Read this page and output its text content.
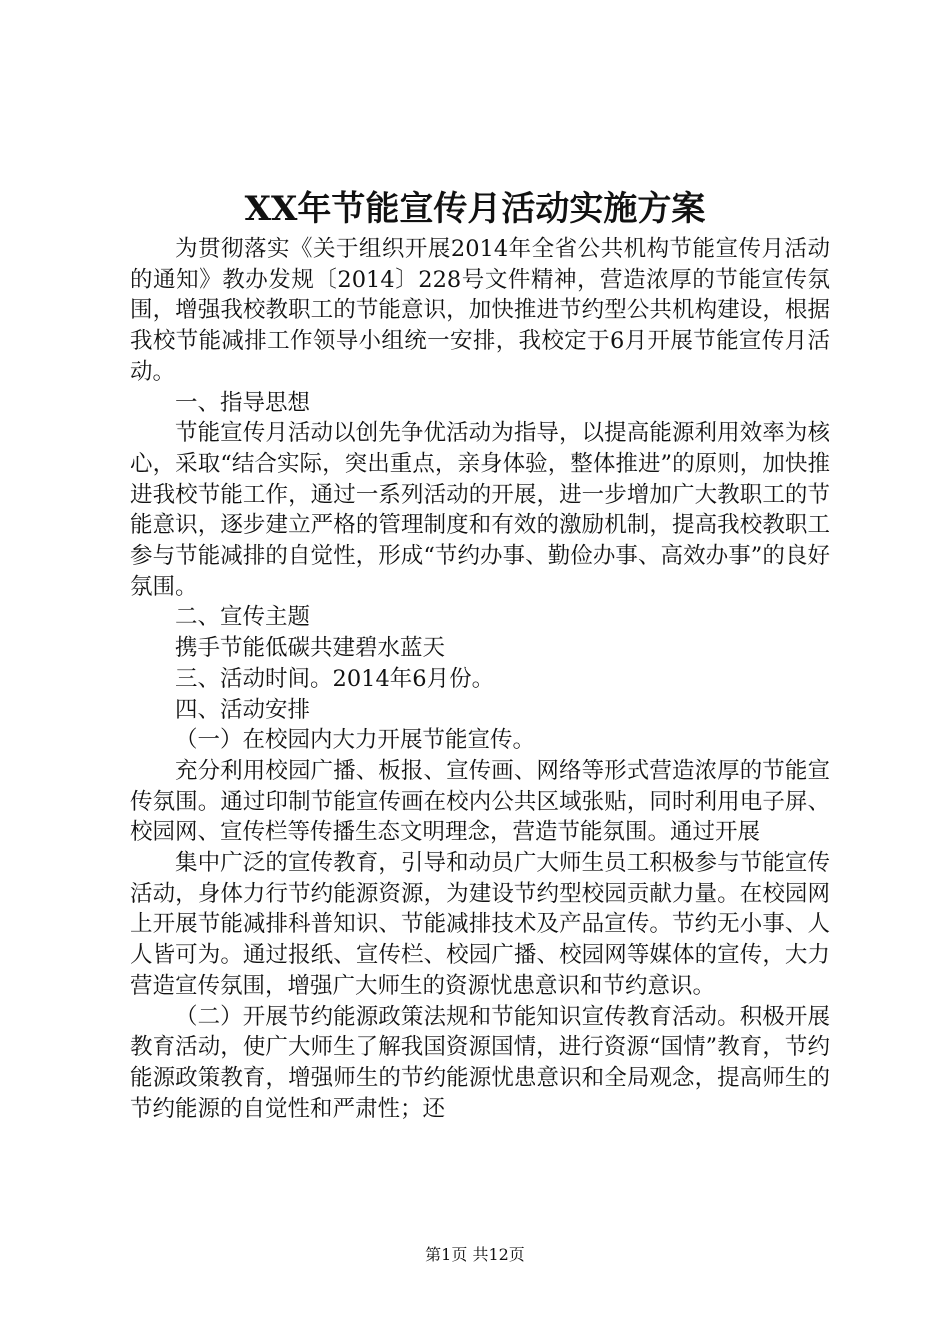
XX年节能宣传月活动实施方案

为贯彻落实《关于组织开展2014年全省公共机构节能宣传月活动的通知》教办发规〔2014〕228号文件精神，营造浓厚的节能宣传氛围，增强我校教职工的节能意识，加快推进节约型公共机构建设，根据我校节能减排工作领导小组统一安排，我校定于6月开展节能宣传月活动。

一、指导思想

节能宣传月活动以创先争优活动为指导，以提高能源利用效率为核心，采取“结合实际，突出重点，亲身体验，整体推进”的原则，加快推进我校节能工作，通过一系列活动的开展，进一步增加广大教职工的节能意识，逐步建立严格的管理制度和有效的激励机制，提高我校教职工参与节能减排的自觉性，形成“节约办事、勤俭办事、高效办事”的良好氛围。

二、宣传主题

携手节能低碳共建碧水蓝天

三、活动时间。2014年6月份。

四、活动安排

（一）在校园内大力开展节能宣传。

充分利用校园广播、板报、宣传画、网络等形式营造浓厚的节能宣传氛围。通过印制节能宣传画在校内公共区域张贴，同时利用电子屏、校园网、宣传栏等传播生态文明理念，营造节能氛围。通过开展

集中广泛的宣传教育，引导和动员广大师生员工积极参与节能宣传活动，身体力行节约能源资源，为建设节约型校园贡献力量。在校园网上开展节能减排科普知识、节能减排技术及产品宣传。节约无小事、人人皆可为。通过报纸、宣传栏、校园广播、校园网等媒体的宣传，大力营造宣传氛围，增强广大师生的资源忧患意识和节约意识。

（二）开展节约能源政策法规和节能知识宣传教育活动。积极开展教育活动，使广大师生了解我国资源国情，进行资源“国情”教育，节约能源政策教育，增强师生的节约能源忧患意识和全局观念，提高师生的节约能源的自觉性和严肃性；还

第1页 共12页
